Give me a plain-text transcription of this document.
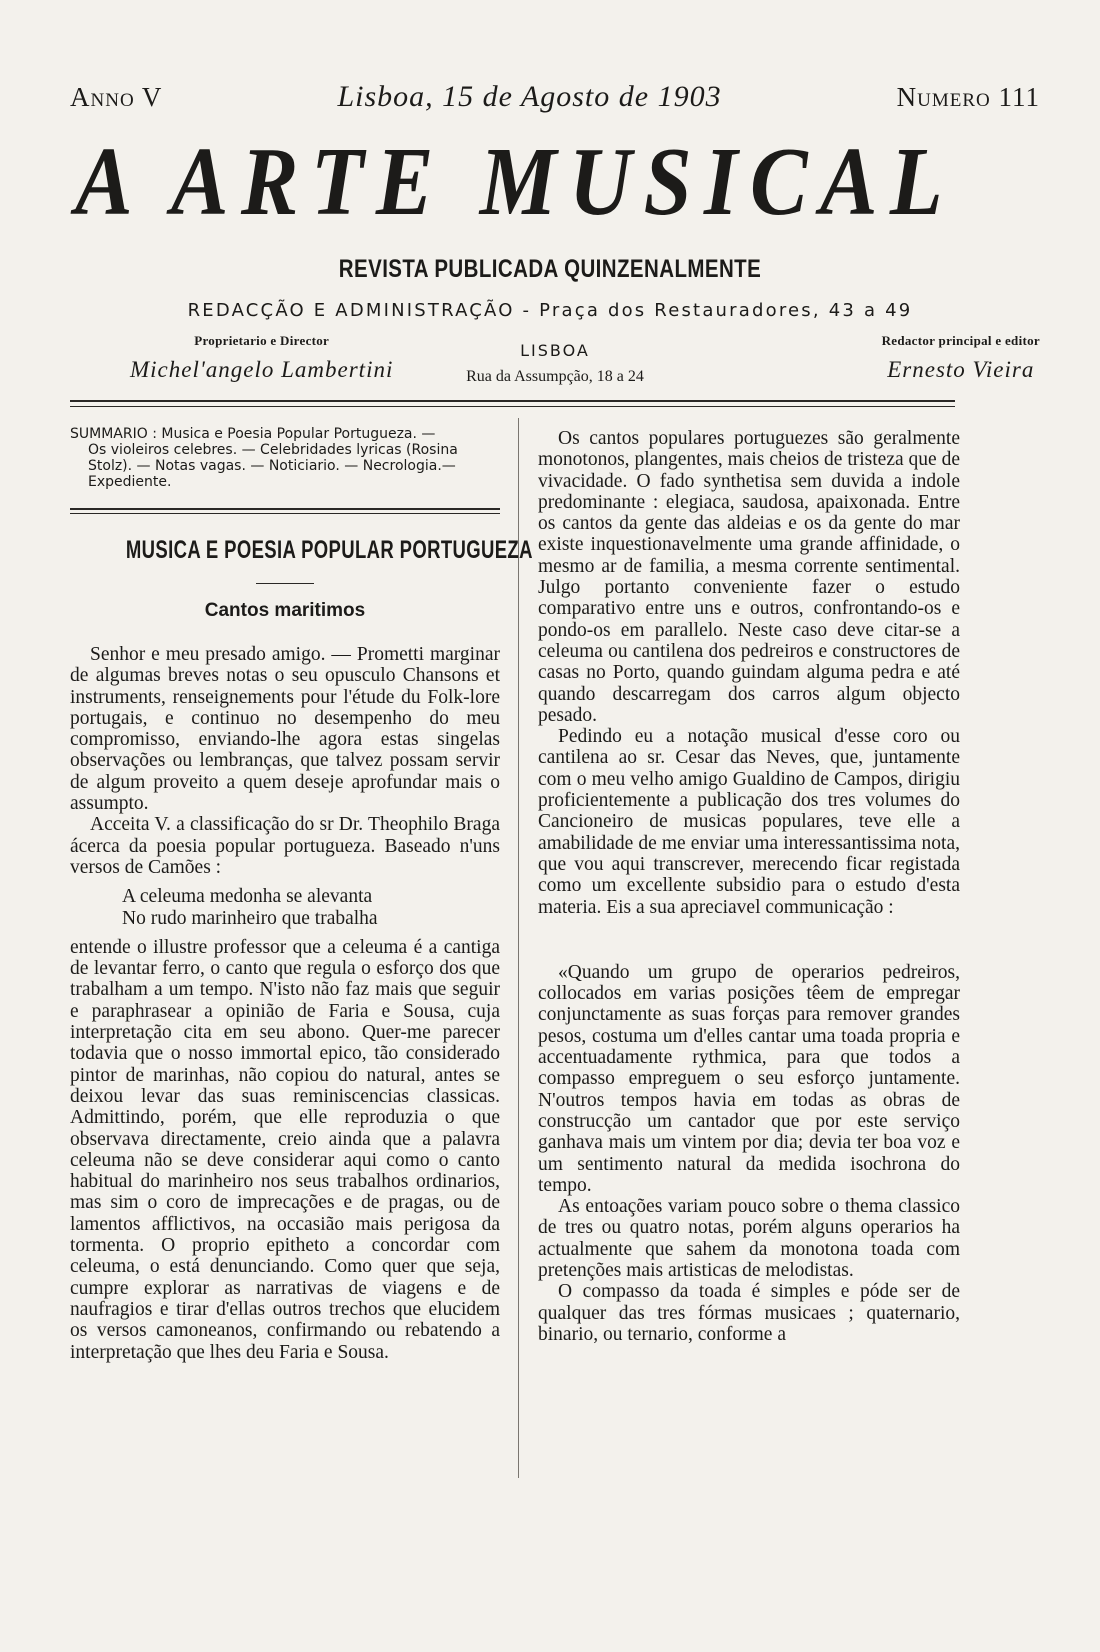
Anno V	Lisboa, 15 de Agosto de 1903	Numero 111
A ARTE MUSICAL
REVISTA PUBLICADA QUINZENALMENTE
REDACÇÃO E ADMINISTRAÇÃO - Praça dos Restauradores, 43 a 49
LISBOA
Rua da Assumpção, 18 a 24
Proprietario e Director
Michel'angelo Lambertini
Redactor principal e editor
Ernesto Vieira
SUMMARIO : Musica e Poesia Popular Portugueza. —
Os violeiros celebres. — Celebridades lyricas (Rosina
Stolz). — Notas vagas. — Noticiario. — Necrologia.—
Expediente.
MUSICA E POESIA POPULAR PORTUGUEZA
Cantos maritimos

Senhor e meu presado amigo. — Prometti marginar de algumas breves notas o seu opusculo Chansons et instruments, renseignements pour l'étude du Folk-lore portugais, e continuo no desempenho do meu compromisso, enviando-lhe agora estas singelas observações ou lembranças, que talvez possam servir de algum proveito a quem deseje aprofundar mais o assumpto.

Acceita V. a classificação do sr Dr. Theophilo Braga ácerca da poesia popular portugueza. Baseado n'uns versos de Camões :

A celeuma medonha se alevanta

No rudo marinheiro que trabalha

entende o illustre professor que a celeuma é a cantiga de levantar ferro, o canto que regula o esforço dos que trabalham a um tempo. N'isto não faz mais que seguir e paraphrasear a opinião de Faria e Sousa, cuja interpretação cita em seu abono. Quer-me parecer todavia que o nosso immortal epico, tão considerado pintor de marinhas, não copiou do natural, antes se deixou levar das suas reminiscencias classicas. Admittindo, porém, que elle reproduzia o que observava directamente, creio ainda que a palavra celeuma não se deve considerar aqui como o canto habitual do marinheiro nos seus trabalhos ordinarios, mas sim o coro de imprecações e de pragas, ou de lamentos afflictivos, na occasião mais perigosa da tormenta. O proprio epitheto a concordar com celeuma, o está denunciando. Como quer que seja, cumpre explorar as narrativas de viagens e de naufragios e tirar d'ellas outros trechos que elucidem os versos camoneanos, confirmando ou rebatendo a interpretação que lhes deu Faria e Sousa.

Os cantos populares portuguezes são geralmente monotonos, plangentes, mais cheios de tristeza que de vivacidade. O fado synthetisa sem duvida a indole predominante : elegiaca, saudosa, apaixonada. Entre os cantos da gente das aldeias e os da gente do mar existe inquestionavelmente uma grande affinidade, o mesmo ar de familia, a mesma corrente sentimental. Julgo portanto conveniente fazer o estudo comparativo entre uns e outros, confrontando-os e pondo-os em parallelo. Neste caso deve citar-se a celeuma ou cantilena dos pedreiros e constructores de casas no Porto, quando guindam alguma pedra e até quando descarregam dos carros algum objecto pesado.

Pedindo eu a notação musical d'esse coro ou cantilena ao sr. Cesar das Neves, que, juntamente com o meu velho amigo Gualdino de Campos, dirigiu proficientemente a publicação dos tres volumes do Cancioneiro de musicas populares, teve elle a amabilidade de me enviar uma interessantissima nota, que vou aqui transcrever, merecendo ficar registada como um excellente subsidio para o estudo d'esta materia. Eis a sua apreciavel communicação :

«Quando um grupo de operarios pedreiros, collocados em varias posições têem de empregar conjunctamente as suas forças para remover grandes pesos, costuma um d'elles cantar uma toada propria e accentuadamente rythmica, para que todos a compasso empreguem o seu esforço juntamente. N'outros tempos havia em todas as obras de construcção um cantador que por este serviço ganhava mais um vintem por dia; devia ter boa voz e um sentimento natural da medida isochrona do tempo.

As entoações variam pouco sobre o thema classico de tres ou quatro notas, porém alguns operarios ha actualmente que sahem da monotona toada com pretenções mais artisticas de melodistas.

O compasso da toada é simples e póde ser de qualquer das tres fórmas musicaes ; quaternario, binario, ou ternario, conforme a
